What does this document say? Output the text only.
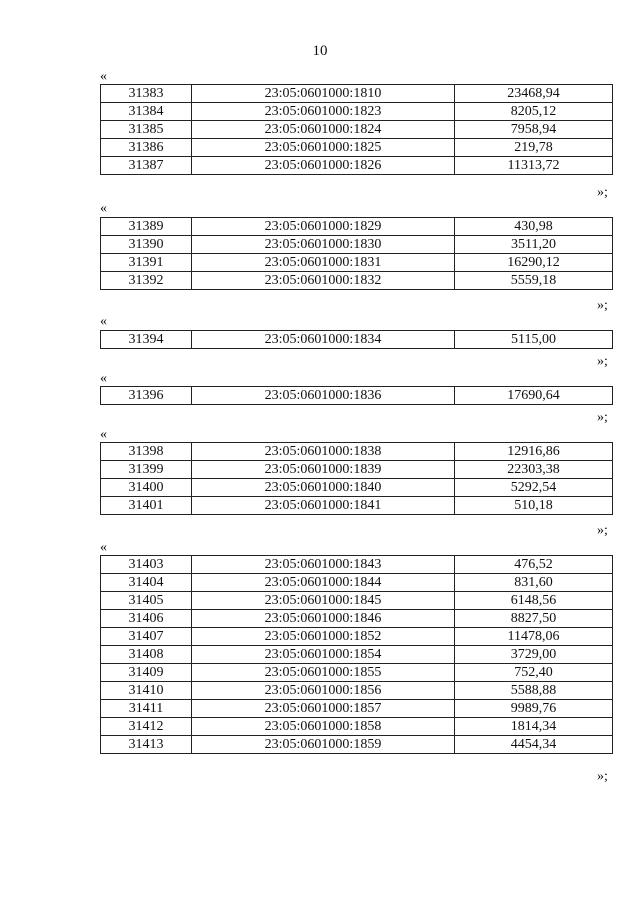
10
«
31383	23:05:0601000:1810	23468,94
31384	23:05:0601000:1823	8205,12
31385	23:05:0601000:1824	7958,94
31386	23:05:0601000:1825	219,78
31387	23:05:0601000:1826	11313,72
»;
«
31389	23:05:0601000:1829	430,98
31390	23:05:0601000:1830	3511,20
31391	23:05:0601000:1831	16290,12
31392	23:05:0601000:1832	5559,18
»;
«
31394	23:05:0601000:1834	5115,00
»;
«
31396	23:05:0601000:1836	17690,64
»;
«
31398	23:05:0601000:1838	12916,86
31399	23:05:0601000:1839	22303,38
31400	23:05:0601000:1840	5292,54
31401	23:05:0601000:1841	510,18
»;
«
31403	23:05:0601000:1843	476,52
31404	23:05:0601000:1844	831,60
31405	23:05:0601000:1845	6148,56
31406	23:05:0601000:1846	8827,50
31407	23:05:0601000:1852	11478,06
31408	23:05:0601000:1854	3729,00
31409	23:05:0601000:1855	752,40
31410	23:05:0601000:1856	5588,88
31411	23:05:0601000:1857	9989,76
31412	23:05:0601000:1858	1814,34
31413	23:05:0601000:1859	4454,34
»;
